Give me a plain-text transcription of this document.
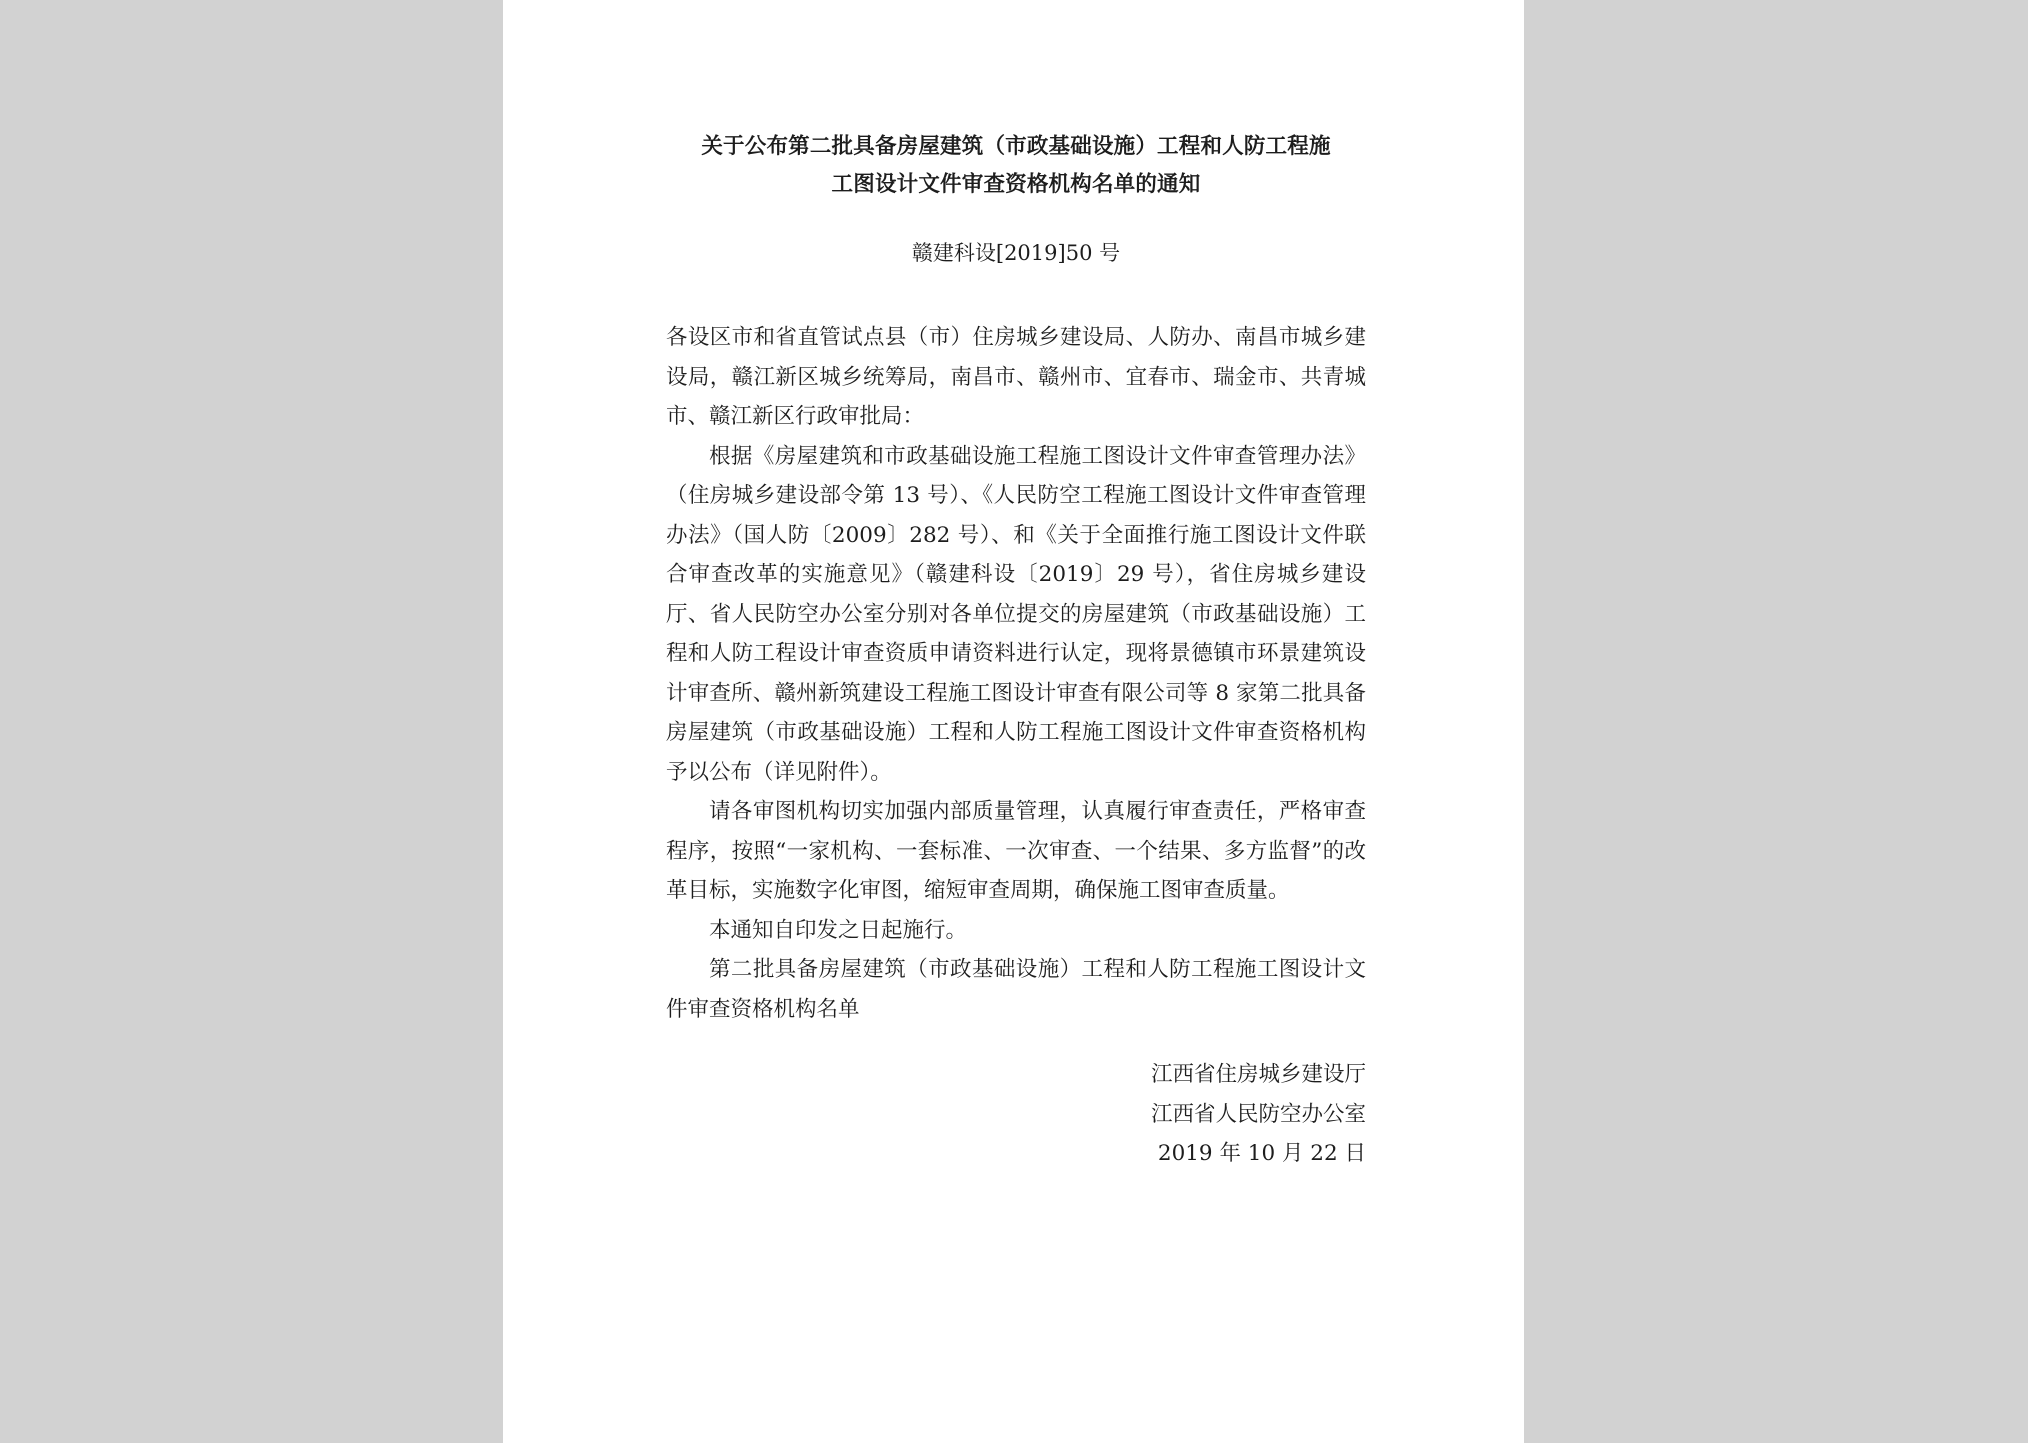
关于公布第二批具备房屋建筑（市政基础设施）工程和人防工程施
工图设计文件审查资格机构名单的通知
赣建科设[2019]50 号

各设区市和省直管试点县（市）住房城乡建设局、人防办、南昌市城乡建设局，赣江新区城乡统筹局，南昌市、赣州市、宜春市、瑞金市、共青城市、赣江新区行政审批局：

根据《房屋建筑和市政基础设施工程施工图设计文件审查管理办法》（住房城乡建设部令第 13 号）、《人民防空工程施工图设计文件审查管理办法》（国人防〔2009〕282 号）、和《关于全面推行施工图设计文件联合审查改革的实施意见》（赣建科设〔2019〕29 号），省住房城乡建设厅、省人民防空办公室分别对各单位提交的房屋建筑（市政基础设施）工程和人防工程设计审查资质申请资料进行认定，现将景德镇市环景建筑设计审查所、赣州新筑建设工程施工图设计审查有限公司等 8 家第二批具备房屋建筑（市政基础设施）工程和人防工程施工图设计文件审查资格机构予以公布（详见附件）。

请各审图机构切实加强内部质量管理，认真履行审查责任，严格审查程序，按照“一家机构、一套标准、一次审查、一个结果、多方监督”的改革目标，实施数字化审图，缩短审查周期，确保施工图审查质量。

本通知自印发之日起施行。

第二批具备房屋建筑（市政基础设施）工程和人防工程施工图设计文件审查资格机构名单

江西省住房城乡建设厅
江西省人民防空办公室
2019 年 10 月 22 日
